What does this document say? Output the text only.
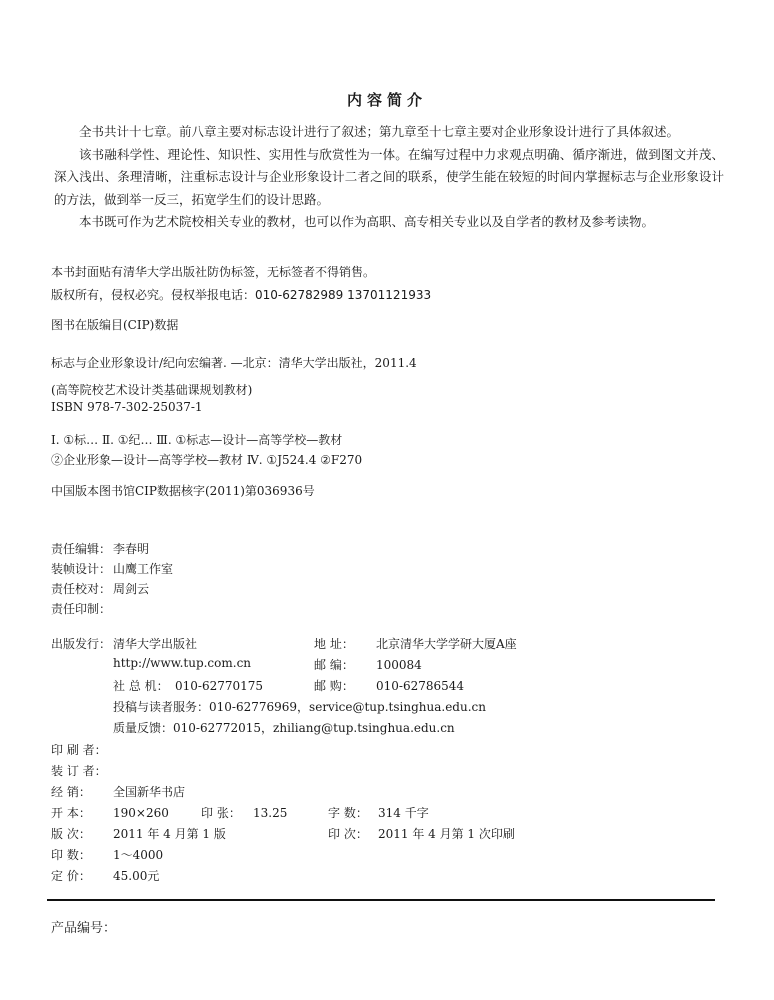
内容简介

全书共计十七章。前八章主要对标志设计进行了叙述；第九章至十七章主要对企业形象设计进行了具体叙述。

该书融科学性、理论性、知识性、实用性与欣赏性为一体。在编写过程中力求观点明确、循序渐进，做到图文并茂、深入浅出、条理清晰，注重标志设计与企业形象设计二者之间的联系，使学生能在较短的时间内掌握标志与企业形象设计的方法，做到举一反三，拓宽学生们的设计思路。

本书既可作为艺术院校相关专业的教材，也可以作为高职、高专相关专业以及自学者的教材及参考读物。

本书封面贴有清华大学出版社防伪标签，无标签者不得销售。
版权所有，侵权必究。侵权举报电话：010-62782989 13701121933
图书在版编目(CIP)数据
标志与企业形象设计/纪向宏编著. —北京：清华大学出版社，2011.4
(高等院校艺术设计类基础课规划教材)
ISBN 978-7-302-25037-1
Ⅰ. ①标… Ⅱ. ①纪… Ⅲ. ①标志—设计—高等学校—教材
②企业形象—设计—高等学校—教材 Ⅳ. ①J524.4 ②F270
中国版本图书馆CIP数据核字(2011)第036936号
责任编辑： 李春明
装帧设计： 山鹰工作室
责任校对： 周剑云
责任印制：
出版发行： 清华大学出版社	地 址： 北京清华大学学研大厦A座
http://www.tup.com.cn	邮 编： 100084
社 总 机： 010-62770175	邮 购： 010-62786544
投稿与读者服务：010-62776969，service@tup.tsinghua.edu.cn
质量反馈：010-62772015，zhiliang@tup.tsinghua.edu.cn
印 刷 者：
装 订 者：
经 销： 全国新华书店
开 本： 190×260	印 张： 13.25	字 数： 314 千字
版 次： 2011 年 4 月第 1 版	印 次： 2011 年 4 月第 1 次印刷
印 数： 1～4000
定 价： 45.00元
产品编号：
